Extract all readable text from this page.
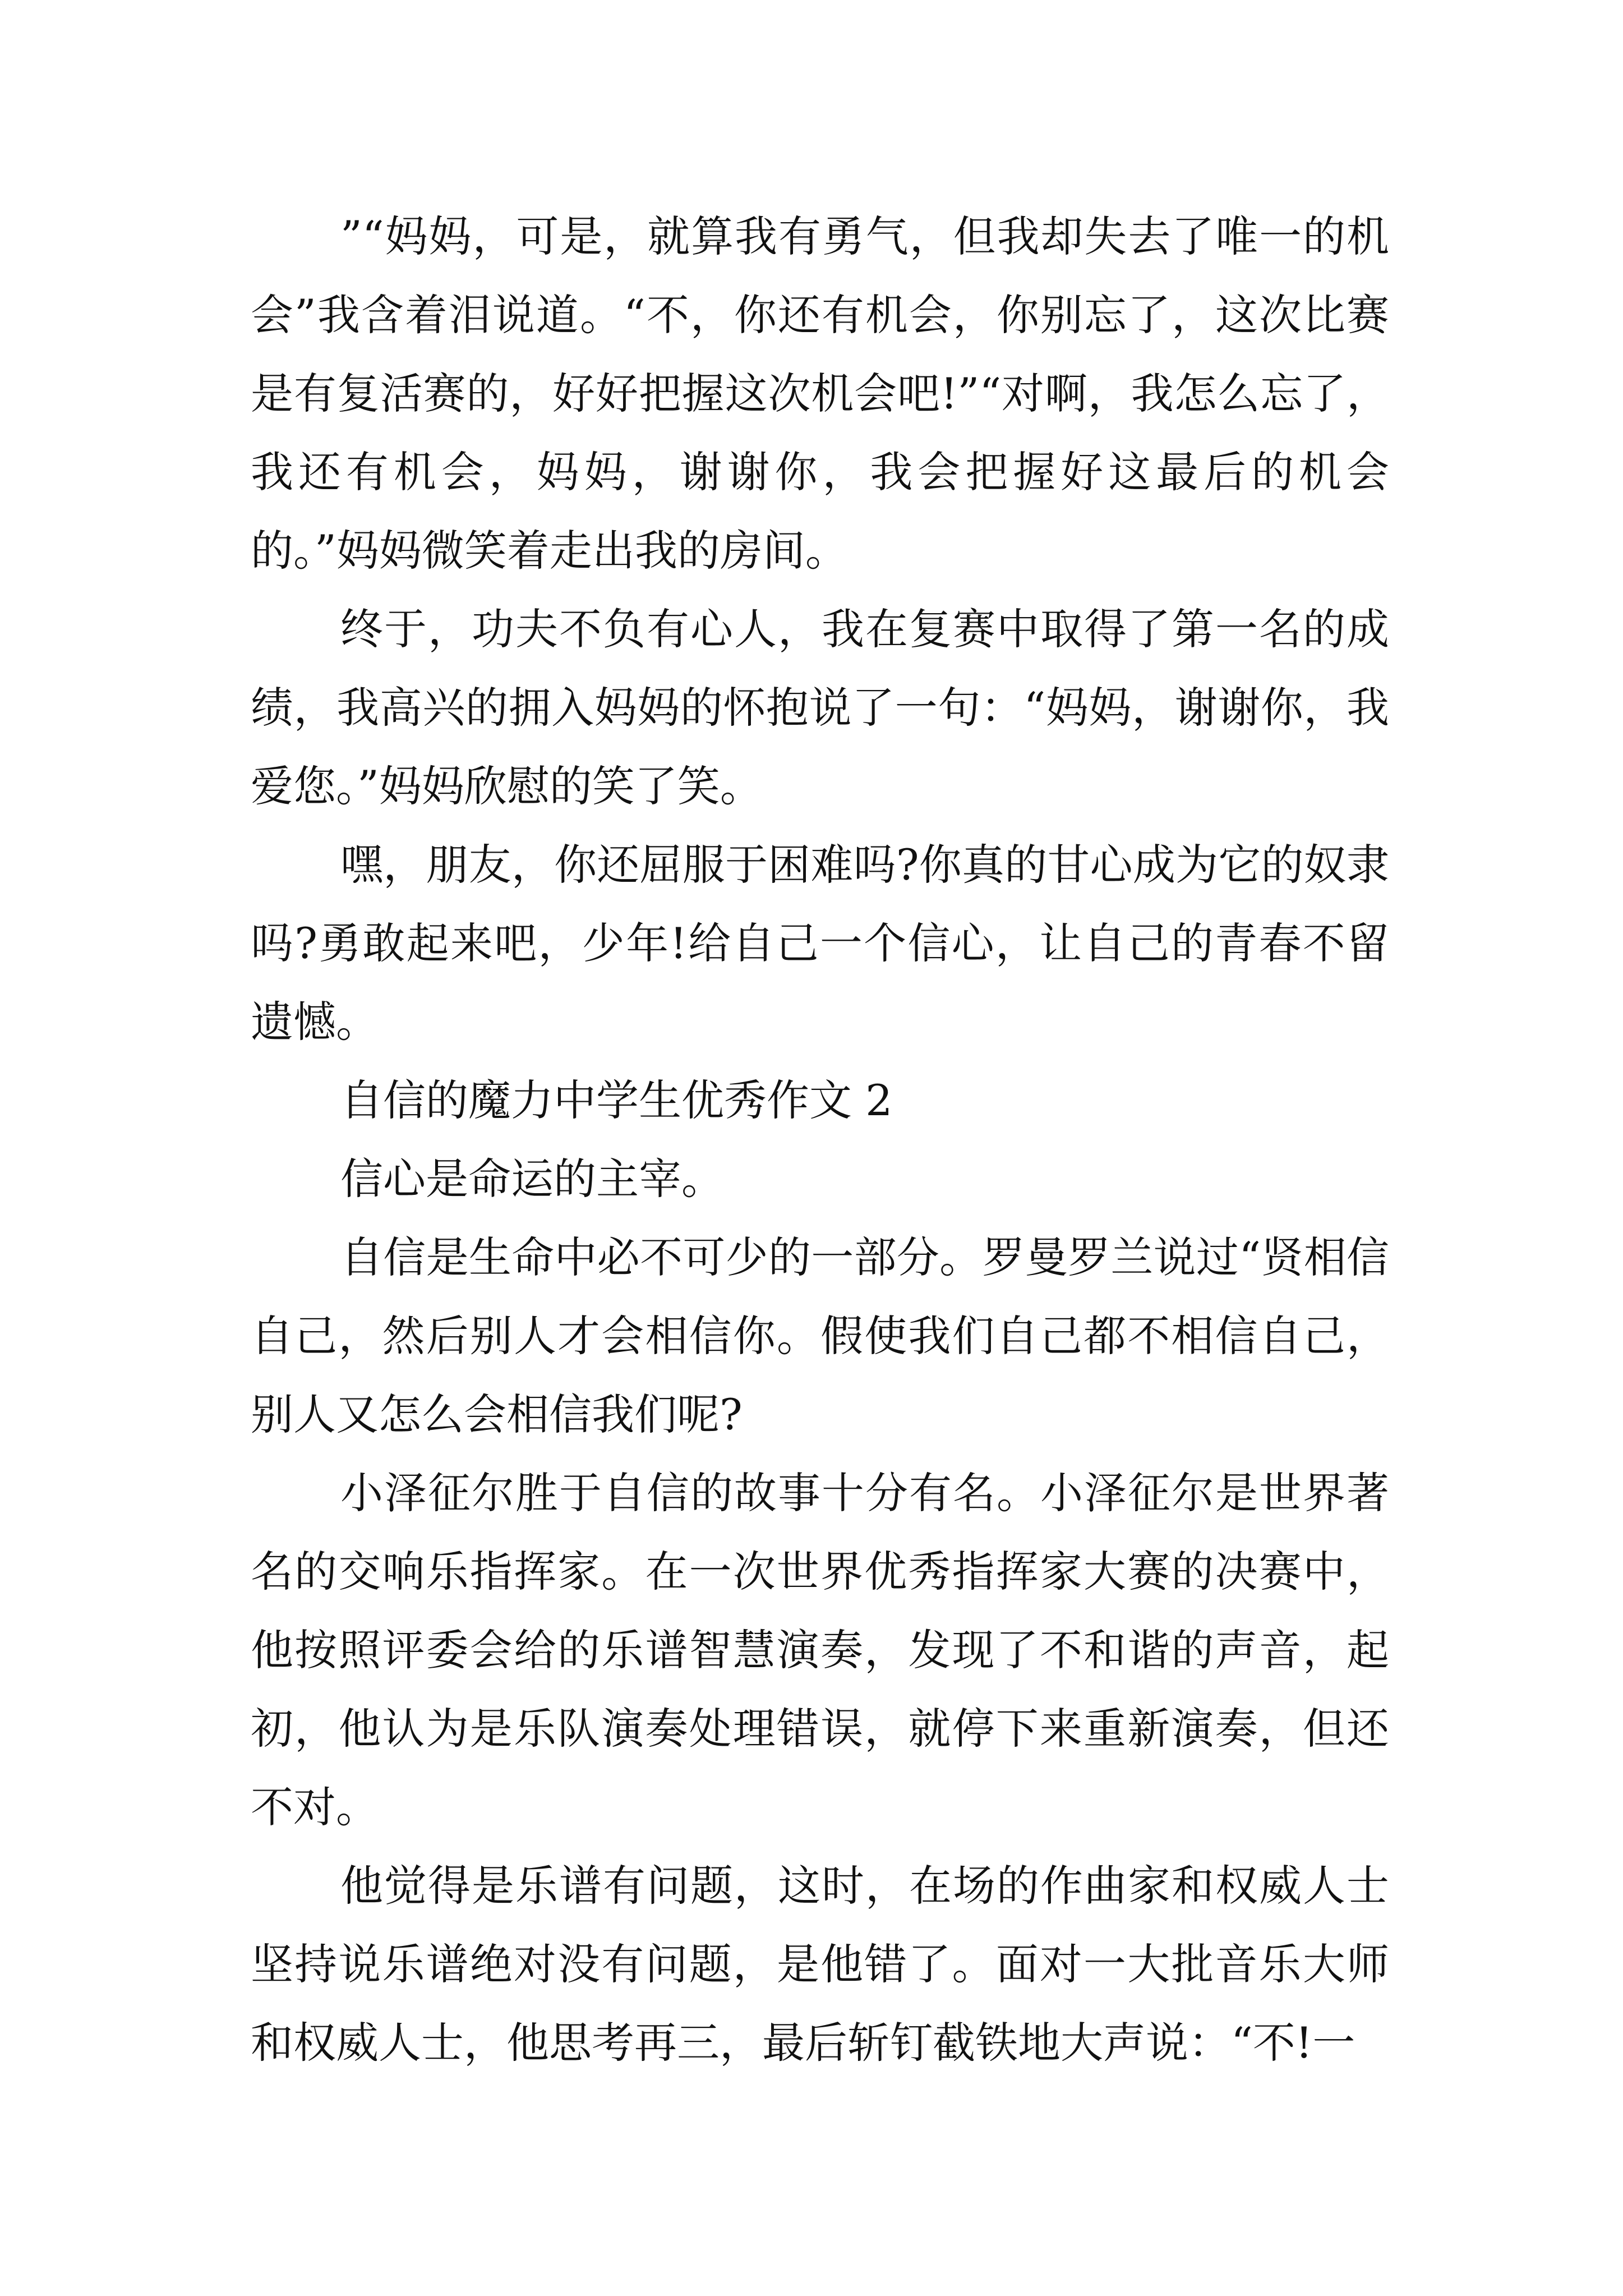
”“妈妈，可是，就算我有勇气，但我却失去了唯一的机会”我含着泪说道。“不，你还有机会，你别忘了，这次比赛是有复活赛的，好好把握这次机会吧!”“对啊，我怎么忘了，我还有机会，妈妈，谢谢你，我会把握好这最后的机会的。”妈妈微笑着走出我的房间。

终于，功夫不负有心人，我在复赛中取得了第一名的成绩，我高兴的拥入妈妈的怀抱说了一句：“妈妈，谢谢你，我爱您。”妈妈欣慰的笑了笑。

嘿，朋友，你还屈服于困难吗?你真的甘心成为它的奴隶吗?勇敢起来吧，少年!给自己一个信心，让自己的青春不留遗憾。

自信的魔力中学生优秀作文 2

信心是命运的主宰。

自信是生命中必不可少的一部分。罗曼罗兰说过“贤相信自己，然后别人才会相信你。假使我们自己都不相信自己，别人又怎么会相信我们呢?

小泽征尔胜于自信的故事十分有名。小泽征尔是世界著名的交响乐指挥家。在一次世界优秀指挥家大赛的决赛中，他按照评委会给的乐谱智慧演奏，发现了不和谐的声音，起初，他认为是乐队演奏处理错误，就停下来重新演奏，但还不对。

他觉得是乐谱有问题，这时，在场的作曲家和权威人士坚持说乐谱绝对没有问题，是他错了。面对一大批音乐大师和权威人士，他思考再三，最后斩钉截铁地大声说：“不!一
